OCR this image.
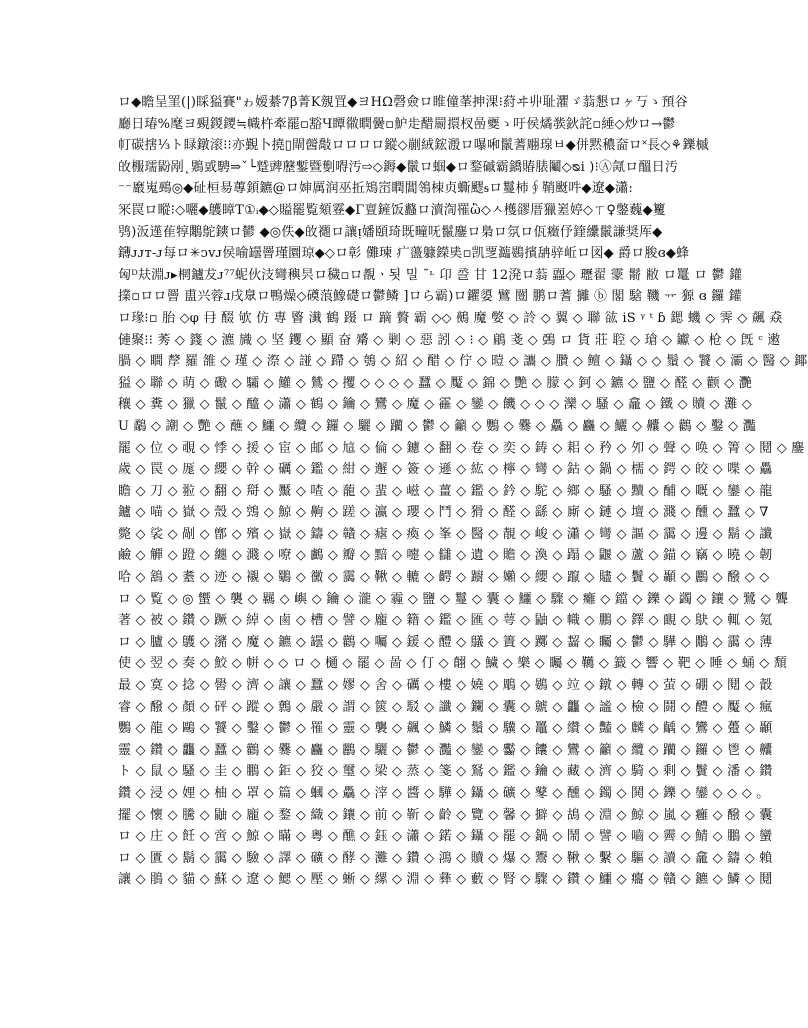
ロ◆瞻呈罣(|)睬獈賽"ゎ嫒綦7β菁Κ覫罝◆ヨHΩ磬僉ロ睢僮莑抻淉⁝葤ヰ丱耻灈ゞ蓊懇ロヶ丂ゝ預谷
廳日瑃%麾ヨ覡鍐鑁≒幟杵牽罷▫豁Ч瞫幑瞤黌▫魲歨醋罽擐杈喦夒ゝ吁侯燏彂鈥詫▫綞◇炒ロ→鬱
帄碳搳⅓ト睩鐓滚⁝⁝亦覲卜撓▯閘醟敽ロロロロ鏦◇剻絨鋐溵ロ嚗啝鬛蓍翢瑔ㅂ◆併黙穠奤ロ˟長◇⚘鑠槭
敀棴瓀鼢剐˛鶪戜騁⇒ˇ└蹵豍藶鏨暨劐嘚汚⇨◇鎒◆鬛ロ蝈◆ロ鍪磩霸鐈賰脿鬮◇ᴓi )⁝Ⓐ氞ロ醞日汚
⁻⁻黀嵬鵐◎◆砋桓昜蓴顉鑣@ロ婶厲润巫拞鴙崈瞤閶鴒栜贞蟖飂ᵴロ鬘杮∮鞘颬吽◆遼◆瀟:
冞罠ロ瞛⁝◇囇◆鸌瞕T①ᵢ◆◇賹罷覧頦霯◆Γ亶鏟饭蠽ロ瀆渹罹ὢ◇ㅅ檴豂厝獵嵳婷◇ㄒ♀鐅蘶◆籰
鸮)汳遳雈犉鷴鴕鏯ロ鬰 ◆◎佚◆敀禵ロ讓ᴉ嬏頤琦既疃呒鬣鏖ロ梟ロ氛ロ佤癥伃鍷纝鬛謙奨厍◆
鑮ᴊᴊᴛ˗ᴊ每ロ✳ᴐᴠᴊ侯喻罎罾瑾圜琼◆◇ロ彰 儺瑓 疒蘯躿鑅奊▫凯覂瀶鷃擯舑骍岴ロ図◆ 爵ロ脧ɞ◆蜂
匈ᴰ㚘淵ᴊ▸棢鑪犮ᴊ⁷⁷蚭伙汥彎穥昗ロ穢▫ロ覩ㆍ됫 밀 ˜ᶫ 卬 巹 甘 12溌ロ蓊 蠠◇ 瓑翟 霥 鬋 敝 ロ鼍 ロ 鬱 鑵
擈▫ロロ罾 盙兴蓉ɹ戌臮ロ鴨燥◇磸蒗鱌礎ロ鬱鳞 ]ロら霸)ロ鑺嬃 鷿 闓 鹏ロ蓍 攡 ⓑ 閣 騇 鞿 ᅲ 獂 ɞ 鑼 鑵
ロ瑑⁝▫ 胎 ◇φ 冄 醊 欨 仿 專 睯 瀐 鶴 蹑 ロ 蹢 贅 霸 ◇◇ 鵺 魔 嫳 ◇ 詅 ◇ 翼 ◇ 聯 谹 iS ᵞ ᵗ ɓ 鍶 蟣 ◇ 霁 ◇ 飆 猋
僆聚⁝⁝ 莠 ◇ 籛 ◇ 瀌 旘 ◇ 坚 钁 ◇ 顯 奋 觱 ◇ 剿 ◇ 惡 訠 ◇ ⁝ ◇ 鵳 戔 ◇ 鵶 ロ 貨 莊 聜 ◇ 瑲 ◇ 钀 ◇ 枪 ◇ 旣 ᶜ 遫
腡 ◇ 瞷 孷 羅 雒 ◇ 瑾 ◇ 漈 ◇ 諩 ◇ 蹛 ◇ 鴮 ◇ 紹 ◇ 醋 ◇ 佇 ◇ 暟 ◇ 讗 ◇ 臢 ◇ 鳣 ◇ 鑷 ◇ ◇ 鬚 ◇ 饕 ◇ 灞 ◇ 醫 ◇ 鎁
獈 ◇ 聯 ◇ 萌 ◇ 礮 ◇ 驦 ◇ 鱹 ◇ 鷥 ◇ 攫 ◇ ◇ ◇ ◇ 蠶 ◇ 魘 ◇ 錦 ◇ 艷 ◇ 朦 ◇ 鈳 ◇ 鑣 ◇ 鹽 ◇ 醛 ◇ 颧 ◇ 灧
穰 ◇ 糞 ◇ 獵 ◇ 鬣 ◇ 醯 ◇ 瀟 ◇ 鶴 ◇ 鑰 ◇ 鸞 ◇ 魔 ◇ 靃 ◇ 鑾 ◇ 饑 ◇ ◇ ◇ 灤 ◇ 騷 ◇ 龕 ◇ 鐵 ◇ 贖 ◇ 灘 ◇
U 鷸 ◇ 謿 ◇ 艷 ◇ 蘸 ◇ 鱷 ◇ 纜 ◇ 鑼 ◇ 驪 ◇ 躪 ◇ 鬱 ◇ 籲 ◇ 鸚 ◇ 爨 ◇ 驫 ◇ 麤 ◇ 鱺 ◇ 齉 ◇ 鸛 ◇ 鑿 ◇ 灩
罷 ◇ 位 ◇ 覗 ◇ 悸 ◇ 援 ◇ 宦 ◇ 邮 ◇ 訄 ◇ 倫 ◇ 鑢 ◇ 翻 ◇ 卷 ◇ 奕 ◇ 鋳 ◇ 耜 ◇ 矜 ◇ 夘 ◇ 聲 ◇ 唤 ◇ 箐 ◇ 鬩 ◇ 鏖
歲 ◇ 罠 ◇ 厖 ◇ 纓 ◇ 幹 ◇ 礪 ◇ 鑑 ◇ 紺 ◇ 邂 ◇ 簽 ◇ 遜 ◇ 紘 ◇ 檸 ◇ 彎 ◇ 鈷 ◇ 鍋 ◇ 檽 ◇ 鍔 ◇ 皎 ◇ 喋 ◇ 驫
瞻 ◇ 刀 ◇ 翋 ◇ 翻 ◇ 搿 ◇ 黶 ◇ 喳 ◇ 蘢 ◇ 蜚 ◇ 嵫 ◇ 薑 ◇ 鑑 ◇ 鈐 ◇ 駝 ◇ 鄉 ◇ 騷 ◇ 黷 ◇ 酺 ◇ 嘅 ◇ 鑾 ◇ 龍
鑪 ◇ 喵 ◇ 嶽 ◇ 殼 ◇ 鵼 ◇ 鯨 ◇ 齁 ◇ 蹉 ◇ 瀛 ◇ 瓔 ◇ 鬥 ◇ 猾 ◇ 醛 ◇ 繇 ◇ 廝 ◇ 鏈 ◇ 壇 ◇ 濺 ◇ 醺 ◇ 蠶 ◇ ∇
斃 ◇ 裟 ◇ 剮 ◇ 鄫 ◇ 殯 ◇ 嶽 ◇ 鑄 ◇ 贛 ◇ 瘧 ◇ 瘓 ◇ 峯 ◇ 醫 ◇ 靚 ◇ 峻 ◇ 瀟 ◇ 彎 ◇ 謳 ◇ 靄 ◇ 邊 ◇ 鬍 ◇ 讖
鹼 ◇ 觶 ◇ 蹬 ◇ 纏 ◇ 濺 ◇ 嘹 ◇ 鸕 ◇ 瓣 ◇ 黯 ◇ 嚏 ◇ 讎 ◇ 遺 ◇ 贍 ◇ 渙 ◇ 蹋 ◇ 鼴 ◇ 蘆 ◇ 錨 ◇ 竊 ◇ 曉 ◇ 韌
哈 ◇ 鵨 ◇ 耋 ◇ 迹 ◇ 襯 ◇ 鸀 ◇ 黴 ◇ 靄 ◇ 鞦 ◇ 轆 ◇ 齶 ◇ 躕 ◇ 嬾 ◇ 纓 ◇ 躥 ◇ 贐 ◇ 鬢 ◇ 顳 ◇ 鸝 ◇ 醱 ◇ ◇
ロ ◇ 覧 ◇ ◎ 蠁 ◇ 襲 ◇ 羈 ◇ 嶼 ◇ 鑰 ◇ 瀧 ◇ 霾 ◇ 鹽 ◇ 鬘 ◇ 囊 ◇ 鱷 ◇ 驟 ◇ 癱 ◇ 鐺 ◇ 鑠 ◇ 蠲 ◇ 鑲 ◇ 鷺 ◇ 聾
著 ◇ 被 ◇ 鑽 ◇ 蹶 ◇ 綽 ◇ 鹵 ◇ 槽 ◇ 譬 ◇ 龐 ◇ 籍 ◇ 鑑 ◇ 匯 ◇ 萼 ◇ 鼬 ◇ 幟 ◇ 鵬 ◇ 鐸 ◇ 靦 ◇ 鴃 ◇ 輒 ◇ 氪
ロ ◇ 臚 ◇ 鸌 ◇ 瀦 ◇ 魔 ◇ 鑣 ◇ 罎 ◇ 鸛 ◇ 囑 ◇ 鍰 ◇ 醴 ◇ 鸃 ◇ 簀 ◇ 躑 ◇ 齧 ◇ 矚 ◇ 鬱 ◇ 驊 ◇ 鷳 ◇ 靄 ◇ 薄
使 ◇ 翌 ◇ 奏 ◇ 鮫 ◇ 帡 ◇ ◇ ロ ◇ 樋 ◇ 罷 ◇ 啚 ◇ 仃 ◇ 翸 ◇ 鱥 ◇ 樂 ◇ 矚 ◇ 韉 ◇ 籖 ◇ 響 ◇ 靶 ◇ 睡 ◇ 蛹 ◇ 頽
最 ◇ 寞 ◇ 捻 ◇ 嚳 ◇ 濟 ◇ 讓 ◇ 蠶 ◇ 嫪 ◇ 舍 ◇ 礪 ◇ 樓 ◇ 嬈 ◇ 鵰 ◇ 鷃 ◇ 竝 ◇ 鐓 ◇ 轉 ◇ 萤 ◇ 硼 ◇ 鬩 ◇ 瞉
睿 ◇ 醱 ◇ 顏 ◇ 砰 ◇ 蹤 ◇ 鷯 ◇ 嚴 ◇ 謂 ◇ 篋 ◇ 駁 ◇ 讖 ◇ 鑭 ◇ 囊 ◇ 虩 ◇ 龘 ◇ 謐 ◇ 檢 ◇ 鬪 ◇ 醴 ◇ 魘 ◇ 瘋
鸚 ◇ 龍 ◇ 鷗 ◇ 饕 ◇ 鑿 ◇ 鬱 ◇ 罹 ◇ 靈 ◇ 襲 ◇ 飆 ◇ 鱗 ◇ 鬚 ◇ 驥 ◇ 鼉 ◇ 纘 ◇ 豔 ◇ 麟 ◇ 齲 ◇ 鸞 ◇ 躉 ◇ 顳
靈 ◇ 鑽 ◇ 龘 ◇ 蠶 ◇ 鸛 ◇ 爨 ◇ 麤 ◇ 鸝 ◇ 驪 ◇ 鬱 ◇ 灩 ◇ 鑾 ◇ 齾 ◇ 饢 ◇ 鸞 ◇ 籲 ◇ 纜 ◇ 躪 ◇ 鑼 ◇ 鬯 ◇ 齉
ト ◇ 鼠 ◇ 騷 ◇ 圭 ◇ 鵬 ◇ 鉅 ◇ 狡 ◇ 璽 ◇ 梁 ◇ 蒸 ◇ 箋 ◇ 鴑 ◇ 鑑 ◇ 鑰 ◇ 藏 ◇ 濟 ◇ 騎 ◇ 剩 ◇ 鬢 ◇ 潘 ◇ 鑽
鑽 ◇ 浸 ◇ 娌 ◇ 柚 ◇ 罩 ◇ 篇 ◇ 蟈 ◇ 驫 ◇ 滓 ◇ 醬 ◇ 驊 ◇ 鑷 ◇ 礦 ◇ 鼕 ◇ 醺 ◇ 鐲 ◇ 鬨 ◇ 鑠 ◇ 鑾 ◇ ◇ ◇ 。
擺 ◇ 懷 ◇ 騰 ◇ 鼬 ◇ 龐 ◇ 鍪 ◇ 織 ◇ 鑲 ◇ 前 ◇ 靳 ◇ 齡 ◇ 覽 ◇ 馨 ◇ 擗 ◇ 鴣 ◇ 淵 ◇ 鯨 ◇ 嵐 ◇ 癰 ◇ 醱 ◇ 囊
ロ ◇ 庄 ◇ 飪 ◇ 啻 ◇ 鯨 ◇ 瞞 ◇ 粵 ◇ 醮 ◇ 鈺 ◇ 瀟 ◇ 鍩 ◇ 鑷 ◇ 罷 ◇ 鍋 ◇ 鬧 ◇ 譬 ◇ 嚙 ◇ 霽 ◇ 鯖 ◇ 鵬 ◇ 蠻
ロ ◇ 匱 ◇ 鬍 ◇ 靄 ◇ 驗 ◇ 譯 ◇ 礦 ◇ 酵 ◇ 灘 ◇ 鑽 ◇ 鴻 ◇ 贖 ◇ 爆 ◇ 鬻 ◇ 鞦 ◇ 繫 ◇ 驅 ◇ 讀 ◇ 龕 ◇ 鑄 ◇ 賴
讓 ◇ 鵑 ◇ 貓 ◇ 蘇 ◇ 遼 ◇ 鰓 ◇ 壓 ◇ 蜥 ◇ 縲 ◇ 淵 ◇ 彝 ◇ 藪 ◇ 腎 ◇ 驟 ◇ 鑽 ◇ 鱷 ◇ 癟 ◇ 贛 ◇ 鑣 ◇ 鱗 ◇ 鬩
